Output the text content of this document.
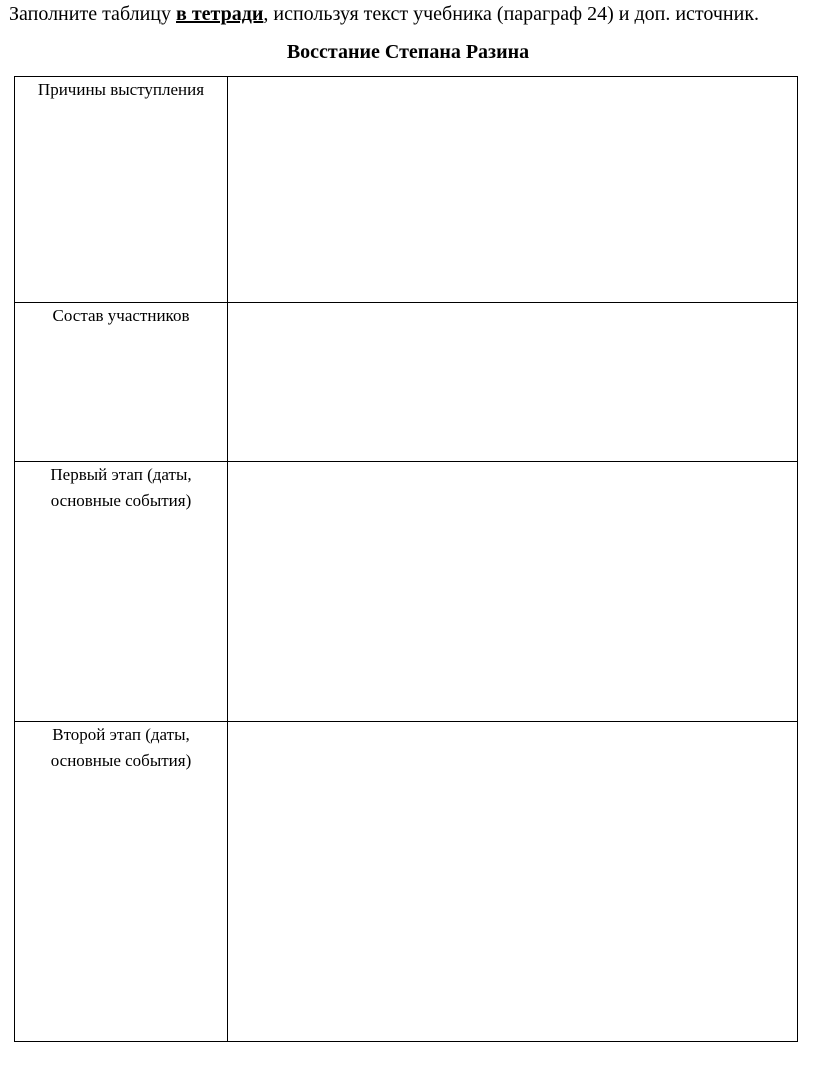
Заполните таблицу в тетради, используя текст учебника (параграф 24) и доп. источник.
Восстание Степана Разина
Причины выступления	
Состав участников	
Первый этап (даты, основные события)	
Второй этап (даты, основные события)	
